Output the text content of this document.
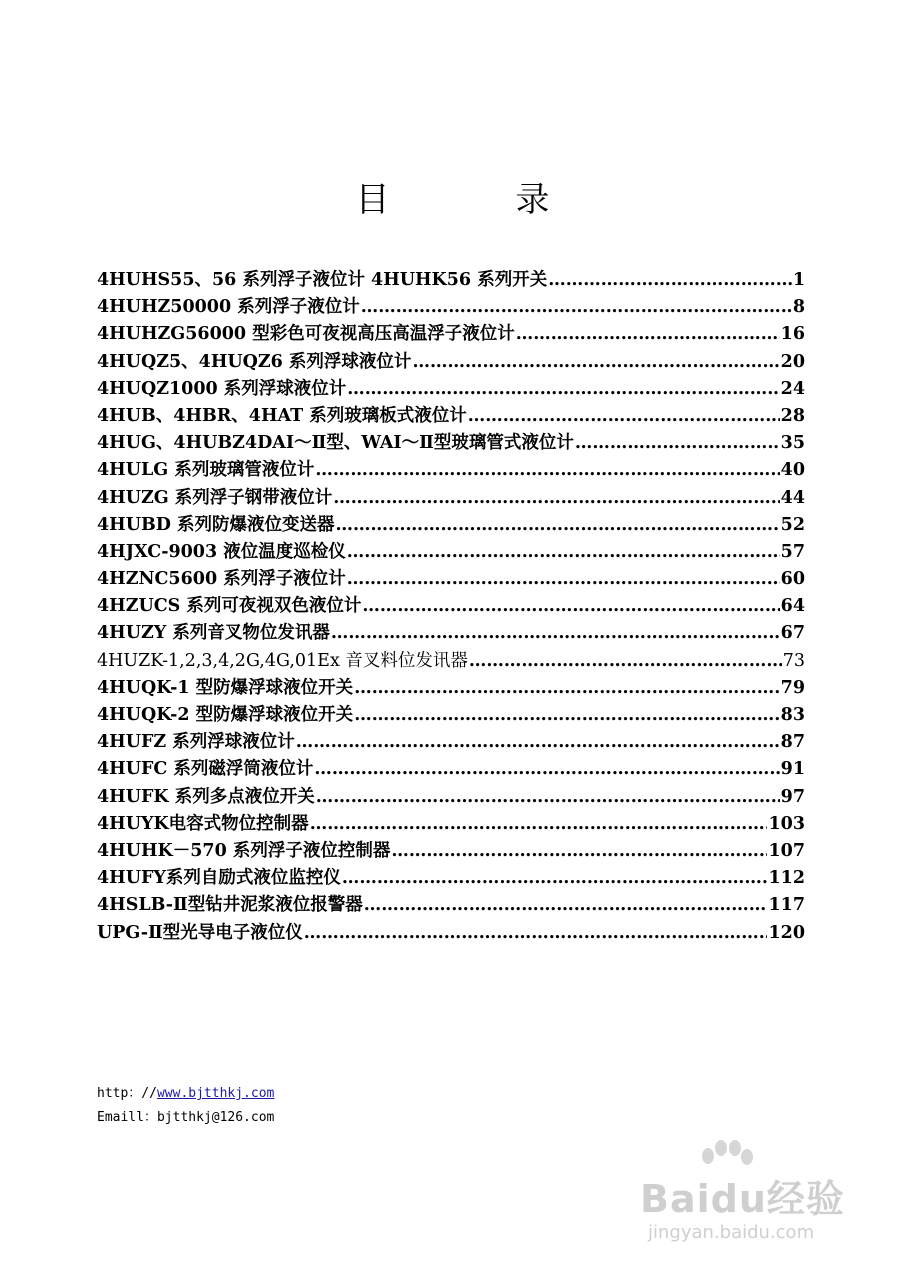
目	录
4HUHS55、56 系列浮子液位计 4HUHK56 系列开关 …………………………………………………………………………………………………………………………………………………………	1
4HUHZ50000 系列浮子液位计 …………………………………………………………………………………………………………………………………………………………	8
4HUHZG56000 型彩色可夜视高压高温浮子液位计 …………………………………………………………………………………………………………………………………………………………	16
4HUQZ5、4HUQZ6 系列浮球液位计 …………………………………………………………………………………………………………………………………………………………	20
4HUQZ1000 系列浮球液位计 …………………………………………………………………………………………………………………………………………………………	24
4HUB、4HBR、4HAT 系列玻璃板式液位计 …………………………………………………………………………………………………………………………………………………………	28
4HUG、4HUBZ4DAⅠ～Ⅱ型、WAⅠ～Ⅱ型玻璃管式液位计 …………………………………………………………………………………………………………………………………………………………	35
4HULG 系列玻璃管液位计 …………………………………………………………………………………………………………………………………………………………	40
4HUZG 系列浮子钢带液位计 …………………………………………………………………………………………………………………………………………………………	44
4HUBD 系列防爆液位变送器 …………………………………………………………………………………………………………………………………………………………	52
4HJXC-9003 液位温度巡检仪 …………………………………………………………………………………………………………………………………………………………	57
4HZNC5600 系列浮子液位计 …………………………………………………………………………………………………………………………………………………………	60
4HZUCS 系列可夜视双色液位计 …………………………………………………………………………………………………………………………………………………………	64
4HUZY 系列音叉物位发讯器 …………………………………………………………………………………………………………………………………………………………	67
4HUZK-1,2,3,4,2G,4G,01Ex 音叉料位发讯器 …………………………………………………………………………………………………………………………………………………………	73
4HUQK-1 型防爆浮球液位开关 …………………………………………………………………………………………………………………………………………………………	79
4HUQK-2 型防爆浮球液位开关 …………………………………………………………………………………………………………………………………………………………	83
4HUFZ 系列浮球液位计 …………………………………………………………………………………………………………………………………………………………	87
4HUFC 系列磁浮筒液位计 …………………………………………………………………………………………………………………………………………………………	91
4HUFK 系列多点液位开关 …………………………………………………………………………………………………………………………………………………………	97
4HUYK电容式物位控制器 …………………………………………………………………………………………………………………………………………………………	103
4HUHK－570 系列浮子液位控制器 …………………………………………………………………………………………………………………………………………………………	107
4HUFY系列自励式液位监控仪 …………………………………………………………………………………………………………………………………………………………	112
4HSLB-Ⅱ型钻井泥浆液位报警器 …………………………………………………………………………………………………………………………………………………………	117
UPG-Ⅱ型光导电子液位仪 …………………………………………………………………………………………………………………………………………………………	120
http：//www.bjtthkj.com
Emaill：bjtthkj@126.com
Baidu经验
jingyan.baidu.com
